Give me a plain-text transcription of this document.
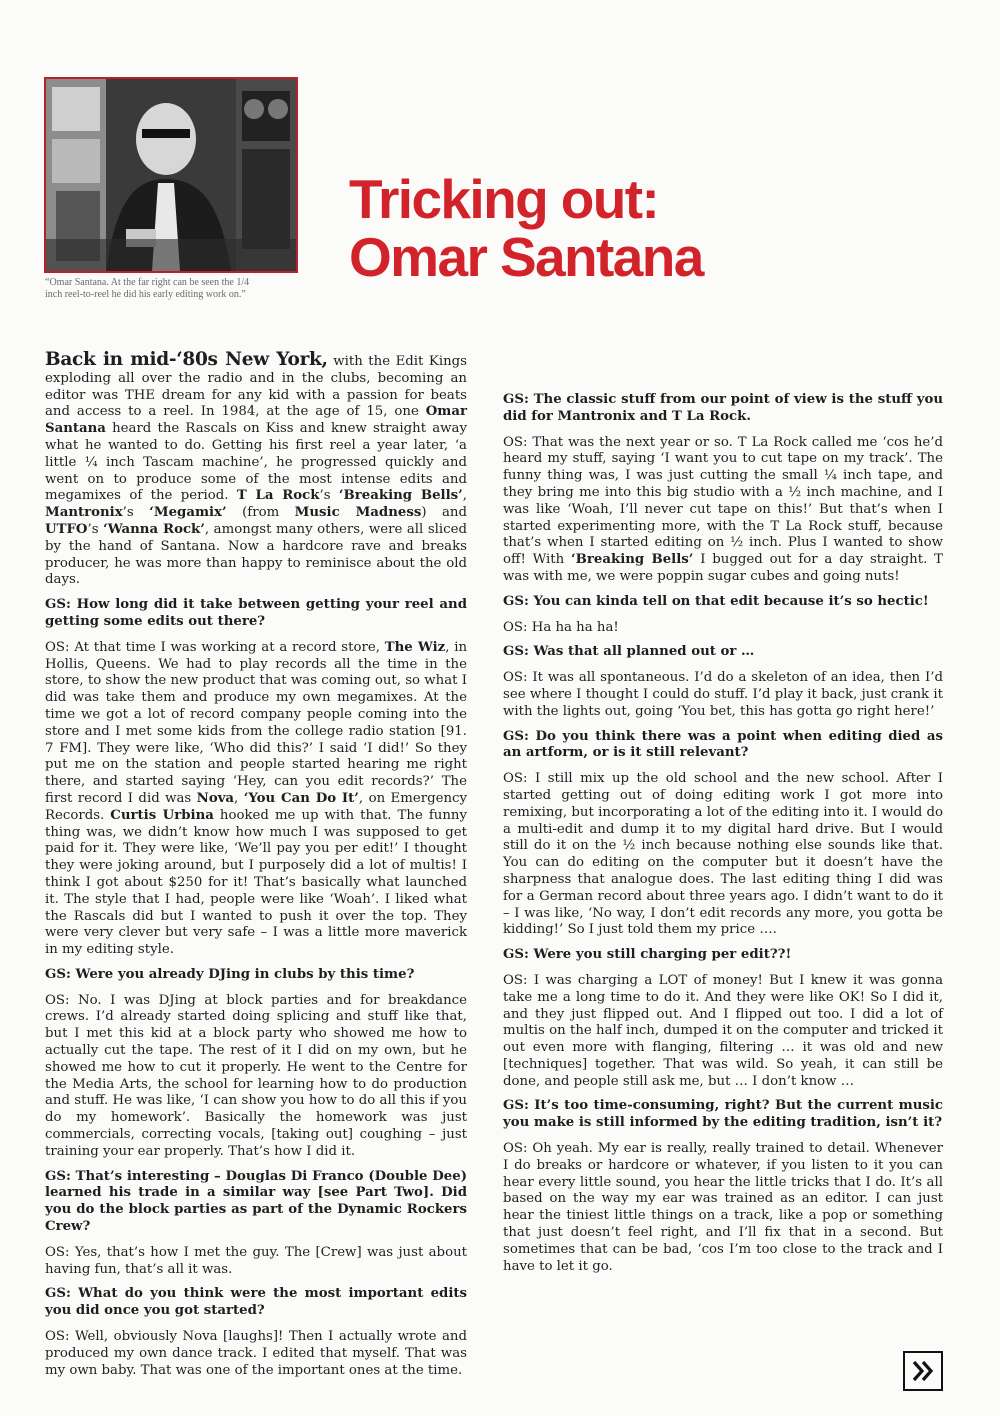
“Omar Santana. At the far right can be seen the 1/4 inch reel-to-reel he did his early editing work on.”
Tricking out:
Omar Santana

Back in mid-‘80s New York, with the Edit Kings exploding all over the radio and in the clubs, becoming an editor was THE dream for any kid with a passion for beats and access to a reel. In 1984, at the age of 15, one Omar Santana heard the Rascals on Kiss and knew straight away what he wanted to do. Getting his first reel a year later, ‘a little ¼ inch Tascam machine’, he progressed quickly and went on to produce some of the most intense edits and megamixes of the period. T La Rock’s ‘Breaking Bells’, Mantronix’s ‘Megamix’ (from Music Madness) and UTFO’s ‘Wanna Rock’, amongst many others, were all sliced by the hand of Santana. Now a hardcore rave and breaks producer, he was more than happy to reminisce about the old days.

GS: How long did it take between getting your reel and getting some edits out there?

OS: At that time I was working at a record store, The Wiz, in Hollis, Queens. We had to play records all the time in the store, to show the new product that was coming out, so what I did was take them and produce my own megamixes. At the time we got a lot of record company people coming into the store and I met some kids from the college radio station [91. 7 FM]. They were like, ‘Who did this?’ I said ‘I did!’ So they put me on the station and people started hearing me right there, and started saying ‘Hey, can you edit records?’ The first record I did was Nova, ‘You Can Do It’, on Emergency Records. Curtis Urbina hooked me up with that. The funny thing was, we didn’t know how much I was supposed to get paid for it. They were like, ‘We’ll pay you per edit!’ I thought they were joking around, but I purposely did a lot of multis! I think I got about $250 for it! That’s basically what launched it. The style that I had, people were like ‘Woah’. I liked what the Rascals did but I wanted to push it over the top. They were very clever but very safe – I was a little more maverick in my editing style.

GS: Were you already DJing in clubs by this time?

OS: No. I was DJing at block parties and for breakdance crews. I’d already started doing splicing and stuff like that, but I met this kid at a block party who showed me how to actually cut the tape. The rest of it I did on my own, but he showed me how to cut it properly. He went to the Centre for the Media Arts, the school for learning how to do production and stuff. He was like, ‘I can show you how to do all this if you do my homework’. Basically the homework was just commercials, correcting vocals, [taking out] coughing – just training your ear properly. That’s how I did it.

GS: That’s interesting – Douglas Di Franco (Double Dee) learned his trade in a similar way [see Part Two]. Did you do the block parties as part of the Dynamic Rockers Crew?

OS: Yes, that’s how I met the guy. The [Crew] was just about having fun, that’s all it was.

GS: What do you think were the most important edits you did once you got started?

OS: Well, obviously Nova [laughs]! Then I actually wrote and produced my own dance track. I edited that myself. That was my own baby. That was one of the important ones at the time.

GS: The classic stuff from our point of view is the stuff you did for Mantronix and T La Rock.

OS: That was the next year or so. T La Rock called me ‘cos he’d heard my stuff, saying ‘I want you to cut tape on my track’. The funny thing was, I was just cutting the small ¼ inch tape, and they bring me into this big studio with a ½ inch machine, and I was like ‘Woah, I’ll never cut tape on this!’ But that’s when I started experimenting more, with the T La Rock stuff, because that’s when I started editing on ½ inch. Plus I wanted to show off! With ‘Breaking Bells’ I bugged out for a day straight. T was with me, we were poppin sugar cubes and going nuts!

GS: You can kinda tell on that edit because it’s so hectic!

OS: Ha ha ha ha!

GS: Was that all planned out or …

OS: It was all spontaneous. I’d do a skeleton of an idea, then I’d see where I thought I could do stuff. I’d play it back, just crank it with the lights out, going ‘You bet, this has gotta go right here!’

GS: Do you think there was a point when editing died as an artform, or is it still relevant?

OS: I still mix up the old school and the new school. After I started getting out of doing editing work I got more into remixing, but incorporating a lot of the editing into it. I would do a multi-edit and dump it to my digital hard drive. But I would still do it on the ½ inch because nothing else sounds like that. You can do editing on the computer but it doesn’t have the sharpness that analogue does. The last editing thing I did was for a German record about three years ago. I didn’t want to do it – I was like, ‘No way, I don’t edit records any more, you gotta be kidding!’ So I just told them my price ….

GS: Were you still charging per edit??!

OS: I was charging a LOT of money! But I knew it was gonna take me a long time to do it. And they were like OK! So I did it, and they just flipped out. And I flipped out too. I did a lot of multis on the half inch, dumped it on the computer and tricked it out even more with flanging, filtering … it was old and new [techniques] together. That was wild. So yeah, it can still be done, and people still ask me, but … I don’t know …

GS: It’s too time-consuming, right? But the current music you make is still informed by the editing tradition, isn’t it?

OS: Oh yeah. My ear is really, really trained to detail. Whenever I do breaks or hardcore or whatever, if you listen to it you can hear every little sound, you hear the little tricks that I do. It’s all based on the way my ear was trained as an editor. I can just hear the tiniest little things on a track, like a pop or something that just doesn’t feel right, and I’ll fix that in a second. But sometimes that can be bad, ‘cos I’m too close to the track and I have to let it go.
